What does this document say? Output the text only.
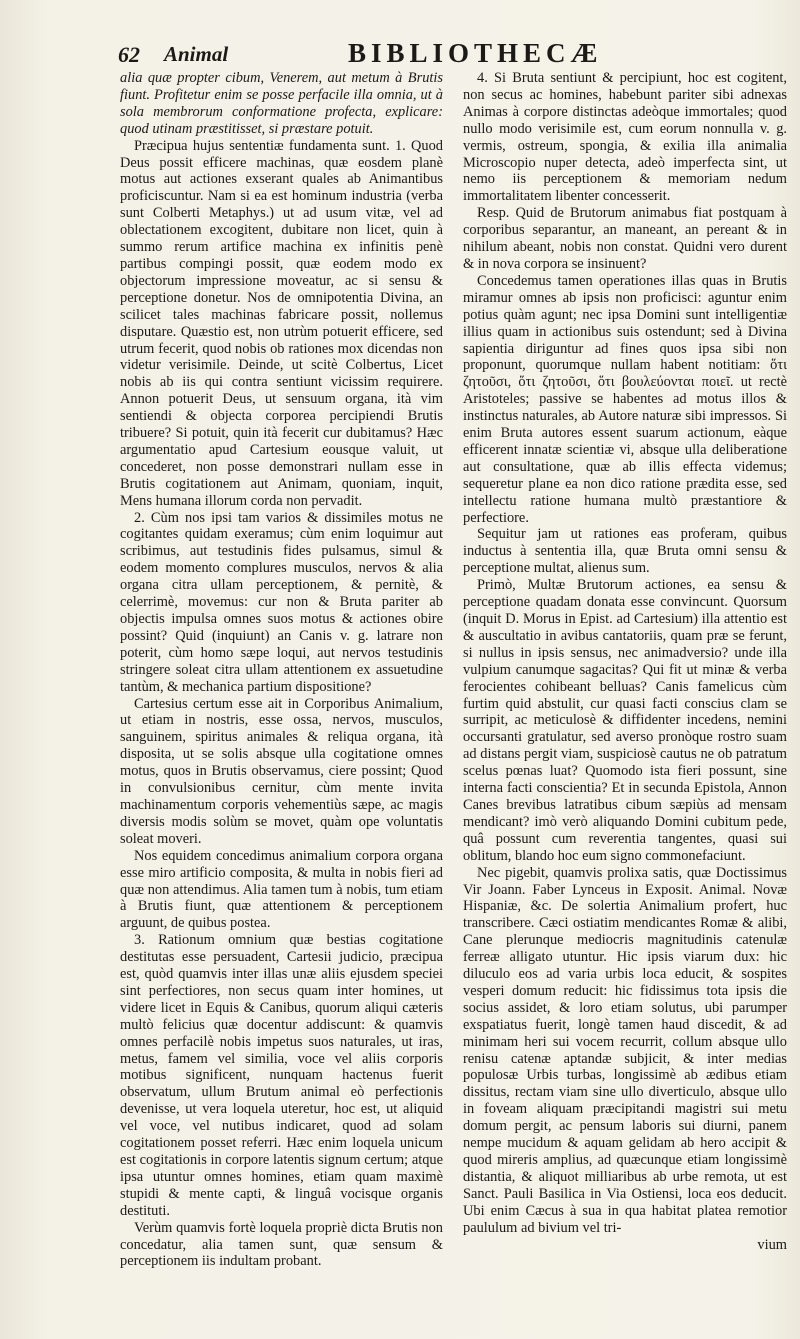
62 Animal	BIBLIOTHECÆ

alia quæ propter cibum, Venerem, aut metum à Brutis fiunt. Profitetur enim se posse perfacile illa omnia, ut à sola membrorum conformatione profecta, explicare: quod utinam præstitisset, si præstare potuit.

Præcipua hujus sententiæ fundamenta sunt. 1. Quod Deus possit efficere machinas, quæ eosdem planè motus aut actiones exserant quales ab Animantibus proficiscuntur. Nam si ea est hominum industria (verba sunt Colberti Metaphys.) ut ad usum vitæ, vel ad oblectationem excogitent, dubitare non licet, quin à summo rerum artifice machina ex infinitis penè partibus compingi possit, quæ eodem modo ex objectorum impressione moveatur, ac si sensu & perceptione donetur. Nos de omnipotentia Divina, an scilicet tales machinas fabricare possit, nollemus disputare. Quæstio est, non utrùm potuerit efficere, sed utrum fecerit, quod nobis ob rationes mox dicendas non videtur verisimile. Deinde, ut scitè Colbertus, Licet nobis ab iis qui contra sentiunt vicissim requirere. Annon potuerit Deus, ut sensuum organa, ità vim sentiendi & objecta corporea percipiendi Brutis tribuere? Si potuit, quin ità fecerit cur dubitamus? Hæc argumentatio apud Cartesium eousque valuit, ut concederet, non posse demonstrari nullam esse in Brutis cogitationem aut Animam, quoniam, inquit, Mens humana illorum corda non pervadit.

2. Cùm nos ipsi tam varios & dissimiles motus ne cogitantes quidam exeramus; cùm enim loquimur aut scribimus, aut testudinis fides pulsamus, simul & eodem momento complures musculos, nervos & alia organa citra ullam perceptionem, & pernitè, & celerrimè, movemus: cur non & Bruta pariter ab objectis impulsa omnes suos motus & actiones obire possint? Quid (inquiunt) an Canis v. g. latrare non poterit, cùm homo sæpe loqui, aut nervos testudinis stringere soleat citra ullam attentionem ex assuetudine tantùm, & mechanica partium dispositione?

Cartesius certum esse ait in Corporibus Animalium, ut etiam in nostris, esse ossa, nervos, musculos, sanguinem, spiritus animales & reliqua organa, ità disposita, ut se solis absque ulla cogitatione omnes motus, quos in Brutis observamus, ciere possint; Quod in convulsionibus cernitur, cùm mente invita machinamentum corporis vehementiùs sæpe, ac magis diversis modis solùm se movet, quàm ope voluntatis soleat moveri.

Nos equidem concedimus animalium corpora organa esse miro artificio composita, & multa in nobis fieri ad quæ non attendimus. Alia tamen tum à nobis, tum etiam à Brutis fiunt, quæ attentionem & perceptionem arguunt, de quibus postea.

3. Rationum omnium quæ bestias cogitatione destitutas esse persuadent, Cartesii judicio, præcipua est, quòd quamvis inter illas unæ aliis ejusdem speciei sint perfectiores, non secus quam inter homines, ut videre licet in Equis & Canibus, quorum aliqui cæteris multò felicius quæ docentur addiscunt: & quamvis omnes perfacilè nobis impetus suos naturales, ut iras, metus, famem vel similia, voce vel aliis corporis motibus significent, nunquam hactenus fuerit observatum, ullum Brutum animal eò perfectionis devenisse, ut vera loquela uteretur, hoc est, ut aliquid vel voce, vel nutibus indicaret, quod ad solam cogitationem posset referri. Hæc enim loquela unicum est cogitationis in corpore latentis signum certum; atque ipsa utuntur omnes homines, etiam quam maximè stupidi & mente capti, & linguâ vocisque organis destituti.

Verùm quamvis fortè loquela propriè dicta Brutis non concedatur, alia tamen sunt, quæ sensum & perceptionem iis indultam probant.

4. Si Bruta sentiunt & percipiunt, hoc est cogitent, non secus ac homines, habebunt pariter sibi adnexas Animas à corpore distinctas adeòque immortales; quod nullo modo verisimile est, cum eorum nonnulla v. g. vermis, ostreum, spongia, & exilia illa animalia Microscopio nuper detecta, adeò imperfecta sint, ut nemo iis perceptionem & memoriam nedum immortalitatem libenter concesserit.

Resp. Quid de Brutorum animabus fiat postquam à corporibus separantur, an maneant, an pereant & in nihilum abeant, nobis non constat. Quidni vero durent & in nova corpora se insinuent?

Concedemus tamen operationes illas quas in Brutis miramur omnes ab ipsis non proficisci: aguntur enim potius quàm agunt; nec ipsa Domini sunt intelligentiæ illius quam in actionibus suis ostendunt; sed à Divina sapientia diriguntur ad fines quos ipsa sibi non proponunt, quorumque nullam habent notitiam: ὅτι ζητοῦσι, ὅτι ζητοῦσι, ὅτι βουλεύονται ποιεῖ. ut rectè Aristoteles; passive se habentes ad motus illos & instinctus naturales, ab Autore naturæ sibi impressos. Si enim Bruta autores essent suarum actionum, eàque efficerent innatæ scientiæ vi, absque ulla deliberatione aut consultatione, quæ ab illis effecta videmus; sequeretur plane ea non dico ratione prædita esse, sed intellectu ratione humana multò præstantiore & perfectiore.

Sequitur jam ut rationes eas proferam, quibus inductus à sententia illa, quæ Bruta omni sensu & perceptione multat, alienus sum.

Primò, Multæ Brutorum actiones, ea sensu & perceptione quadam donata esse convincunt. Quorsum (inquit D. Morus in Epist. ad Cartesium) illa attentio est & auscultatio in avibus cantatoriis, quam præ se ferunt, si nullus in ipsis sensus, nec animadversio? unde illa vulpium canumque sagacitas? Qui fit ut minæ & verba ferocientes cohibeant belluas? Canis famelicus cùm furtim quid abstulit, cur quasi facti conscius clam se surripit, ac meticulosè & diffidenter incedens, nemini occursanti gratulatur, sed averso pronòque rostro suam ad distans pergit viam, suspiciosè cautus ne ob patratum scelus pœnas luat? Quomodo ista fieri possunt, sine interna facti conscientia? Et in secunda Epistola, Annon Canes brevibus latratibus cibum sæpiùs ad mensam mendicant? imò verò aliquando Domini cubitum pede, quâ possunt cum reverentia tangentes, quasi sui oblitum, blando hoc eum signo commonefaciunt.

Nec pigebit, quamvis prolixa satis, quæ Doctissimus Vir Joann. Faber Lynceus in Exposit. Animal. Novæ Hispaniæ, &c. De solertia Animalium profert, huc transcribere. Cæci ostiatim mendicantes Romæ & alibi, Cane plerunque mediocris magnitudinis catenulæ ferreæ alligato utuntur. Hic ipsis viarum dux: hic diluculo eos ad varia urbis loca educit, & sospites vesperi domum reducit: hic fidissimus tota ipsis die socius assidet, & loro etiam solutus, ubi parumper exspatiatus fuerit, longè tamen haud discedit, & ad minimam heri sui vocem recurrit, collum absque ullo renisu catenæ aptandæ subjicit, & inter medias populosæ Urbis turbas, longissimè ab ædibus etiam dissitus, rectam viam sine ullo diverticulo, absque ullo in foveam aliquam præcipitandi magistri sui metu domum pergit, ac pensum laboris sui diurni, panem nempe mucidum & aquam gelidam ab hero accipit & quod mireris amplius, ad quæcunque etiam longissimè distantia, & aliquot milliaribus ab urbe remota, ut est Sanct. Pauli Basilica in Via Ostiensi, loca eos deducit. Ubi enim Cæcus à sua in qua habitat platea remotior paululum ad bivium vel tri-

vium
